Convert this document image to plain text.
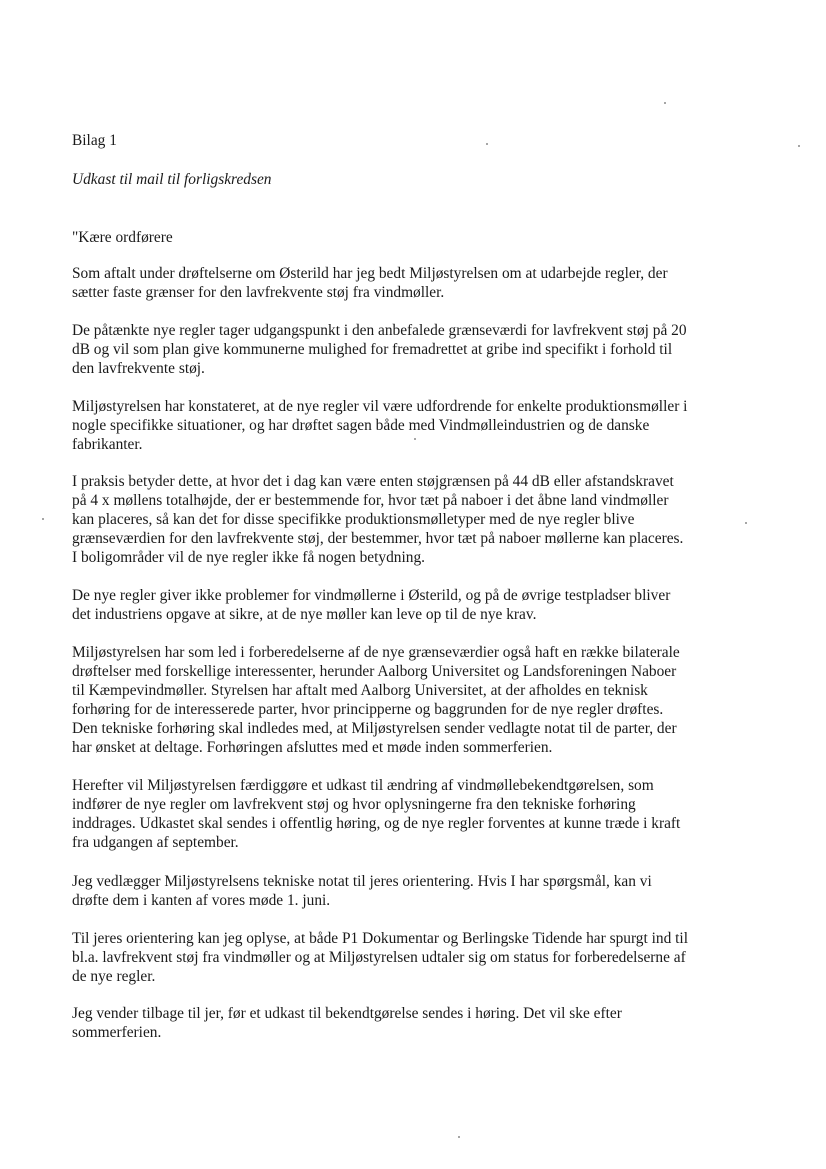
Bilag 1

Udkast til mail til forligskredsen

"Kære ordførere

Som aftalt under drøftelserne om Østerild har jeg bedt Miljøstyrelsen om at udarbejde regler, der
sætter faste grænser for den lavfrekvente støj fra vindmøller.

De påtænkte nye regler tager udgangspunkt i den anbefalede grænseværdi for lavfrekvent støj på 20
dB og vil som plan give kommunerne mulighed for fremadrettet at gribe ind specifikt i forhold til
den lavfrekvente støj.

Miljøstyrelsen har konstateret, at de nye regler vil være udfordrende for enkelte produktionsmøller i
nogle specifikke situationer, og har drøftet sagen både med Vindmølleindustrien og de danske
fabrikanter.

I praksis betyder dette, at hvor det i dag kan være enten støjgrænsen på 44 dB eller afstandskravet
på 4 x møllens totalhøjde, der er bestemmende for, hvor tæt på naboer i det åbne land vindmøller
kan placeres, så kan det for disse specifikke produktionsmølletyper med de nye regler blive
grænseværdien for den lavfrekvente støj, der bestemmer, hvor tæt på naboer møllerne kan placeres.
I boligområder vil de nye regler ikke få nogen betydning.

De nye regler giver ikke problemer for vindmøllerne i Østerild, og på de øvrige testpladser bliver
det industriens opgave at sikre, at de nye møller kan leve op til de nye krav.

Miljøstyrelsen har som led i forberedelserne af de nye grænseværdier også haft en række bilaterale
drøftelser med forskellige interessenter, herunder Aalborg Universitet og Landsforeningen Naboer
til Kæmpevindmøller. Styrelsen har aftalt med Aalborg Universitet, at der afholdes en teknisk
forhøring for de interesserede parter, hvor principperne og baggrunden for de nye regler drøftes.
Den tekniske forhøring skal indledes med, at Miljøstyrelsen sender vedlagte notat til de parter, der
har ønsket at deltage. Forhøringen afsluttes med et møde inden sommerferien.

Herefter vil Miljøstyrelsen færdiggøre et udkast til ændring af vindmøllebekendtgørelsen, som
indfører de nye regler om lavfrekvent støj og hvor oplysningerne fra den tekniske forhøring
inddrages. Udkastet skal sendes i offentlig høring, og de nye regler forventes at kunne træde i kraft
fra udgangen af september.

Jeg vedlægger Miljøstyrelsens tekniske notat til jeres orientering. Hvis I har spørgsmål, kan vi
drøfte dem i kanten af vores møde 1. juni.

Til jeres orientering kan jeg oplyse, at både P1 Dokumentar og Berlingske Tidende har spurgt ind til
bl.a. lavfrekvent støj fra vindmøller og at Miljøstyrelsen udtaler sig om status for forberedelserne af
de nye regler.

Jeg vender tilbage til jer, før et udkast til bekendtgørelse sendes i høring. Det vil ske efter
sommerferien.
